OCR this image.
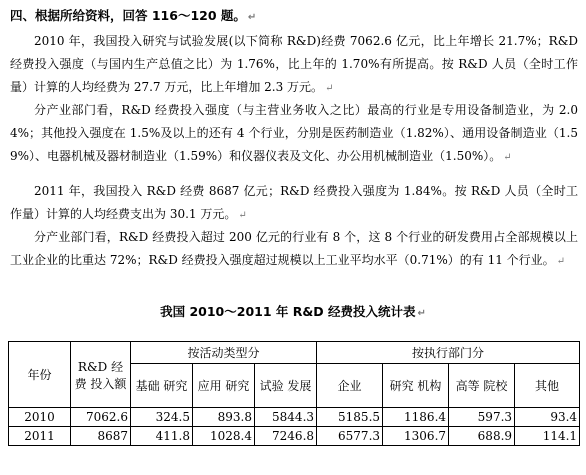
四、根据所给资料，回答 116～120 题。 ↵
2010 年，我国投入研究与试验发展(以下简称 R&D)经费 7062.6 亿元，比上年增长 21.7%；R&D 经费投入强度（与国内生产总值之比）为 1.76%，比上年的 1.70%有所提高。按 R&D 人员（全时工作量）计算的人均经费为 27.7 万元，比上年增加 2.3 万元。 ↵
分产业部门看，R&D 经费投入强度（与主营业务收入之比）最高的行业是专用设备制造业，为 2.04%；其他投入强度在 1.5%及以上的还有 4 个行业，分别是医药制造业（1.82%）、通用设备制造业（1.59%）、电器机械及器材制造业（1.59%）和仪器仪表及文化、办公用机械制造业（1.50%）。 ↵
2011 年，我国投入 R&D 经费 8687 亿元；R&D 经费投入强度为 1.84%。按 R&D 人员（全时工作量）计算的人均经费支出为 30.1 万元。 ↵
分产业部门看，R&D 经费投入超过 200 亿元的行业有 8 个，这 8 个行业的研发费用占全部规模以上工业企业的比重达 72%；R&D 经费投入强度超过规模以上工业平均水平（0.71%）的有 11 个行业。 ↵
我国 2010～2011 年 R&D 经费投入统计表 ↵
年份	R&D 经费 投入额	按活动类型分			按执行部门分			
		基础 研究	应用 研究	试验 发展	企业	研究 机构	高等 院校	其他
2010	7062.6	324.5	893.8	5844.3	5185.5	1186.4	597.3	93.4
2011	8687	411.8	1028.4	7246.8	6577.3	1306.7	688.9	114.1
